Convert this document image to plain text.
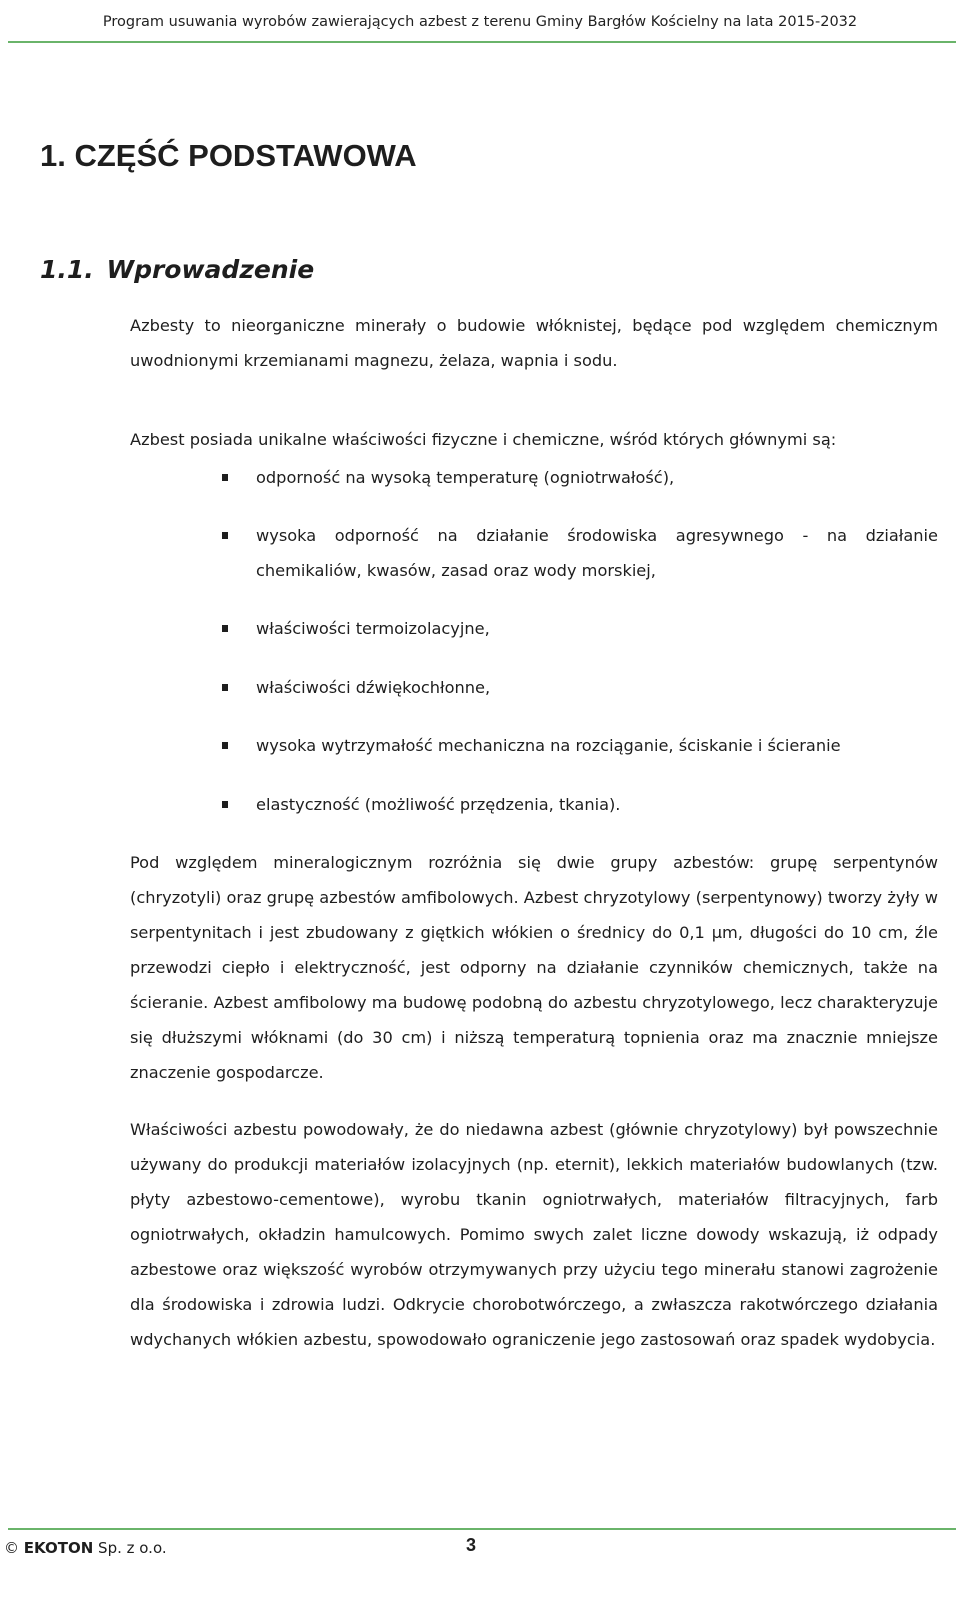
Program usuwania wyrobów zawierających azbest z terenu Gminy Bargłów Kościelny na lata 2015-2032
1. CZĘŚĆ PODSTAWOWA
1.1. Wprowadzenie

Azbesty to nieorganiczne minerały o budowie włóknistej, będące pod względem chemicznym uwodnionymi krzemianami magnezu, żelaza, wapnia i sodu.

Azbest posiada unikalne właściwości fizyczne i chemiczne, wśród których głównymi są:

odporność na wysoką temperaturę (ogniotrwałość),
wysoka odporność na działanie środowiska agresywnego - na działanie chemikaliów, kwasów, zasad oraz wody morskiej,
właściwości termoizolacyjne,
właściwości dźwiękochłonne,
wysoka wytrzymałość mechaniczna na rozciąganie, ściskanie i ścieranie
elastyczność (możliwość przędzenia, tkania).

Pod względem mineralogicznym rozróżnia się dwie grupy azbestów: grupę serpentynów (chryzotyli) oraz grupę azbestów amfibolowych. Azbest chryzotylowy (serpentynowy) tworzy żyły w serpentynitach i jest zbudowany z giętkich włókien o średnicy do 0,1 µm, długości do 10 cm, źle przewodzi ciepło i elektryczność, jest odporny na działanie czynników chemicznych, także na ścieranie. Azbest amfibolowy ma budowę podobną do azbestu chryzotylowego, lecz charakteryzuje się dłuższymi włóknami (do 30 cm) i niższą temperaturą topnienia oraz ma znacznie mniejsze znaczenie gospodarcze.

Właściwości azbestu powodowały, że do niedawna azbest (głównie chryzotylowy) był powszechnie używany do produkcji materiałów izolacyjnych (np. eternit), lekkich materiałów budowlanych (tzw. płyty azbestowo-cementowe), wyrobu tkanin ogniotrwałych, materiałów filtracyjnych, farb ogniotrwałych, okładzin hamulcowych. Pomimo swych zalet liczne dowody wskazują, iż odpady azbestowe oraz większość wyrobów otrzymywanych przy użyciu tego minerału stanowi zagrożenie dla środowiska i zdrowia ludzi. Odkrycie chorobotwórczego, a zwłaszcza rakotwórczego działania wdychanych włókien azbestu, spowodowało ograniczenie jego zastosowań oraz spadek wydobycia.

© EKOTON Sp. z o.o.	3
